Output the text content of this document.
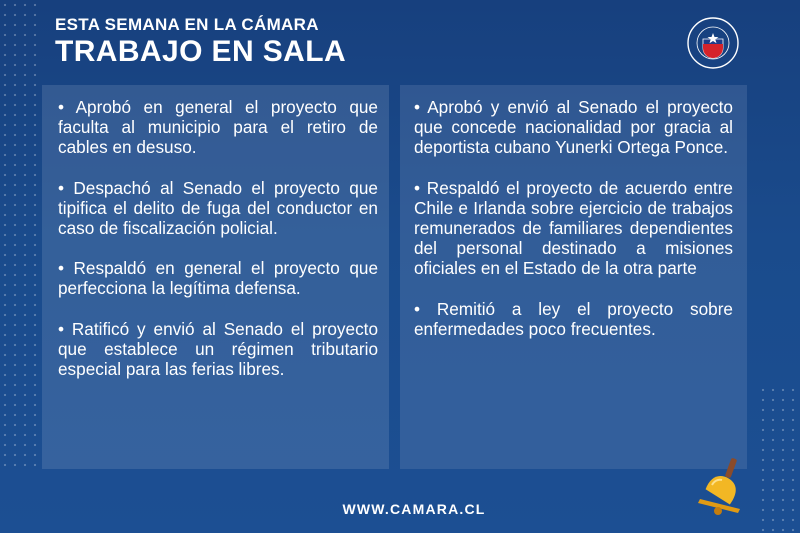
ESTA SEMANA EN LA CÁMARA
TRABAJO EN SALA
• Aprobó en general el proyecto que faculta al municipio para el retiro de cables en desuso.
• Despachó al Senado el proyecto que tipifica el delito de fuga del conductor en caso de fiscalización policial.
• Respaldó en general el proyecto que perfecciona la legítima defensa.
• Ratificó y envió al Senado el proyecto que establece un régimen tributario especial para las ferias libres.
• Aprobó y envió al Senado el proyecto que concede nacionalidad por gracia al deportista cubano Yunerki Ortega Ponce.
• Respaldó el proyecto de acuerdo entre Chile e Irlanda sobre ejercicio de trabajos remunerados de familiares dependientes del personal destinado a misiones oficiales en el Estado de la otra parte
• Remitió a ley el proyecto sobre enfermedades poco frecuentes.
WWW.CAMARA.CL
